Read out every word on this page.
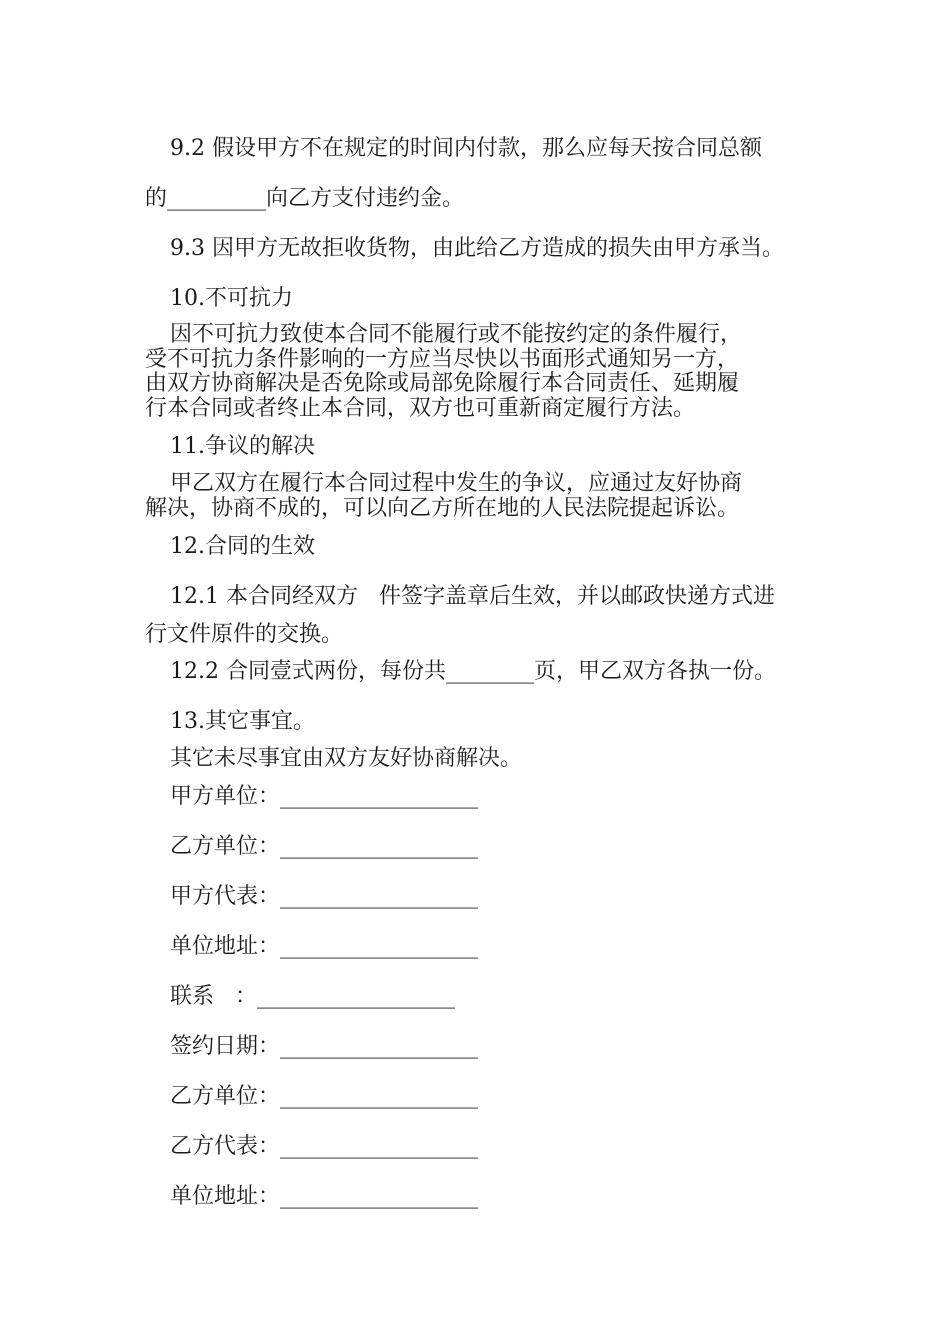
9.2 假设甲方不在规定的时间内付款，那么应每天按合同总额
的_________向乙方支付违约金。
9.3 因甲方无故拒收货物，由此给乙方造成的损失由甲方承当。
10.不可抗力
因不可抗力致使本合同不能履行或不能按约定的条件履行，
受不可抗力条件影响的一方应当尽快以书面形式通知另一方，
由双方协商解决是否免除或局部免除履行本合同责任、延期履
行本合同或者终止本合同，双方也可重新商定履行方法。
11.争议的解决
甲乙双方在履行本合同过程中发生的争议，应通过友好协商
解决，协商不成的，可以向乙方所在地的人民法院提起诉讼。
12.合同的生效
12.1 本合同经双方   件签字盖章后生效，并以邮政快递方式进
行文件原件的交换。
12.2 合同壹式两份，每份共________页，甲乙双方各执一份。
13.其它事宜。
其它未尽事宜由双方友好协商解决。
甲方单位：__________________
乙方单位：__________________
甲方代表：__________________
单位地址：__________________
联系   ：__________________
签约日期：__________________
乙方单位：__________________
乙方代表：__________________
单位地址：__________________
